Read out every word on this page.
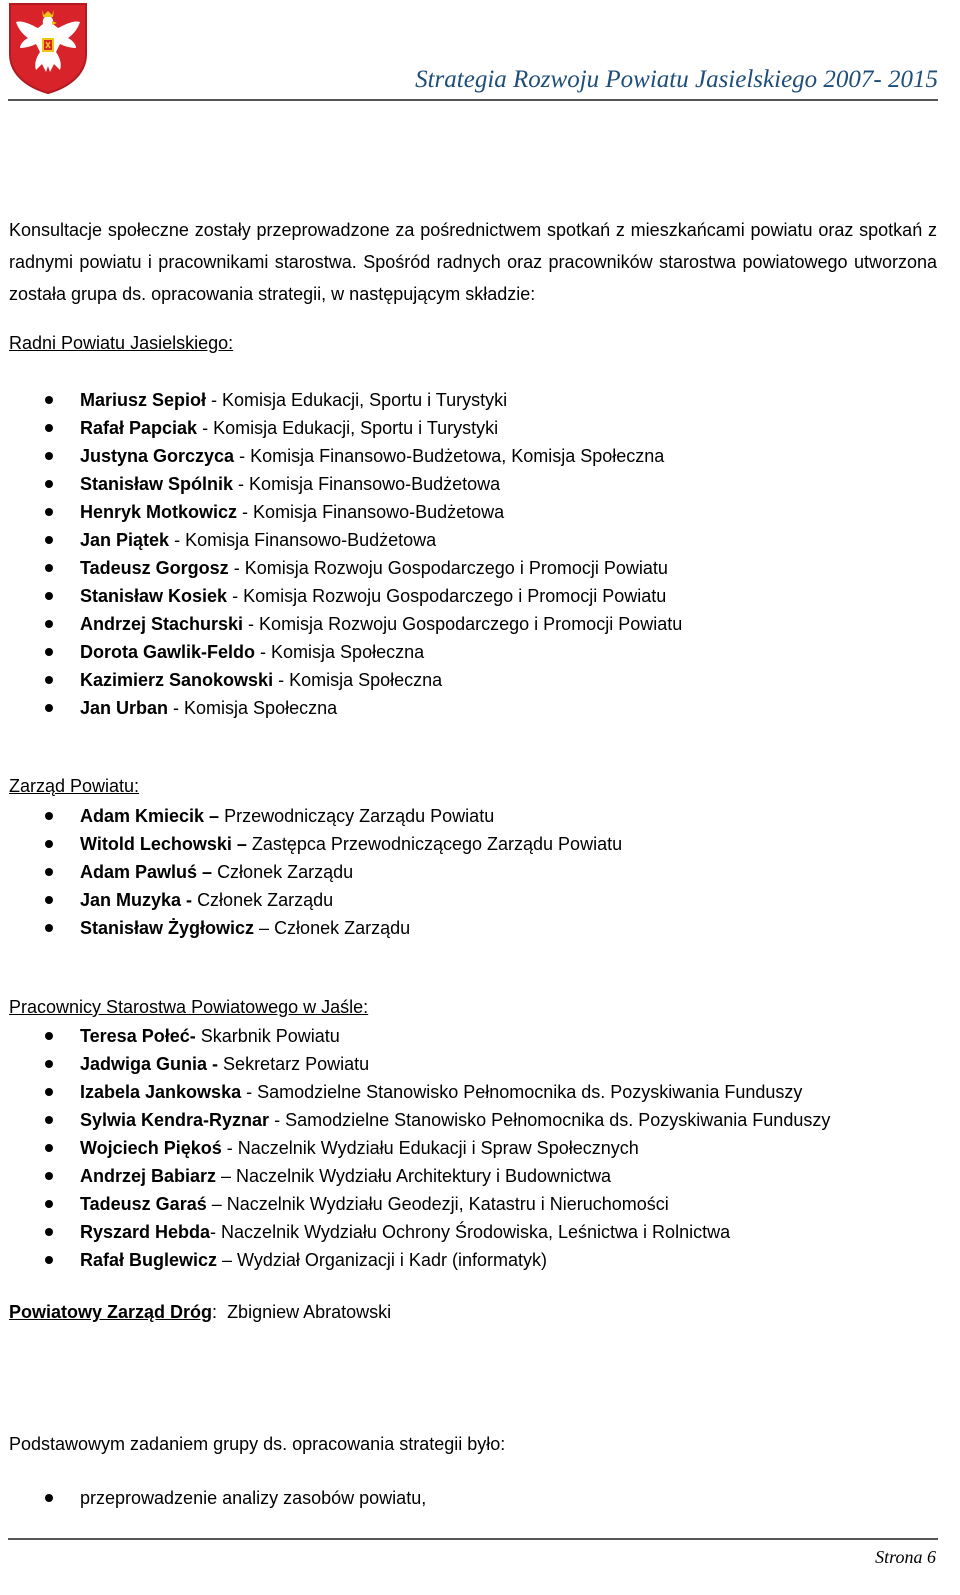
Strategia Rozwoju Powiatu Jasielskiego 2007- 2015

Konsultacje społeczne zostały przeprowadzone za pośrednictwem spotkań z mieszkańcami powiatu oraz spotkań z radnymi powiatu i pracownikami starostwa. Spośród radnych oraz pracowników starostwa powiatowego utworzona została grupa ds. opracowania strategii, w następującym składzie:

Radni Powiatu Jasielskiego:
Mariusz Sepioł - Komisja Edukacji, Sportu i Turystyki
Rafał Papciak - Komisja Edukacji, Sportu i Turystyki
Justyna Gorczyca - Komisja Finansowo-Budżetowa, Komisja Społeczna
Stanisław Spólnik - Komisja Finansowo-Budżetowa
Henryk Motkowicz - Komisja Finansowo-Budżetowa
Jan Piątek - Komisja Finansowo-Budżetowa
Tadeusz Gorgosz - Komisja Rozwoju Gospodarczego i Promocji Powiatu
Stanisław Kosiek - Komisja Rozwoju Gospodarczego i Promocji Powiatu
Andrzej Stachurski - Komisja Rozwoju Gospodarczego i Promocji Powiatu
Dorota Gawlik-Feldo - Komisja Społeczna
Kazimierz Sanokowski - Komisja Społeczna
Jan Urban - Komisja Społeczna
Zarząd Powiatu:
Adam Kmiecik – Przewodniczący Zarządu Powiatu
Witold Lechowski – Zastępca Przewodniczącego Zarządu Powiatu
Adam Pawluś – Członek Zarządu
Jan Muzyka - Członek Zarządu
Stanisław Żygłowicz – Członek Zarządu
Pracownicy Starostwa Powiatowego w Jaśle:
Teresa Połeć- Skarbnik Powiatu
Jadwiga Gunia - Sekretarz Powiatu
Izabela Jankowska - Samodzielne Stanowisko Pełnomocnika ds. Pozyskiwania Funduszy
Sylwia Kendra-Ryznar - Samodzielne Stanowisko Pełnomocnika ds. Pozyskiwania Funduszy
Wojciech Piękoś - Naczelnik Wydziału Edukacji i Spraw Społecznych
Andrzej Babiarz – Naczelnik Wydziału Architektury i Budownictwa
Tadeusz Garaś – Naczelnik Wydziału Geodezji, Katastru i Nieruchomości
Ryszard Hebda- Naczelnik Wydziału Ochrony Środowiska, Leśnictwa i Rolnictwa
Rafał Buglewicz – Wydział Organizacji i Kadr (informatyk)
Powiatowy Zarząd Dróg: Zbigniew Abratowski
Podstawowym zadaniem grupy ds. opracowania strategii było:
przeprowadzenie analizy zasobów powiatu,
Strona 6
